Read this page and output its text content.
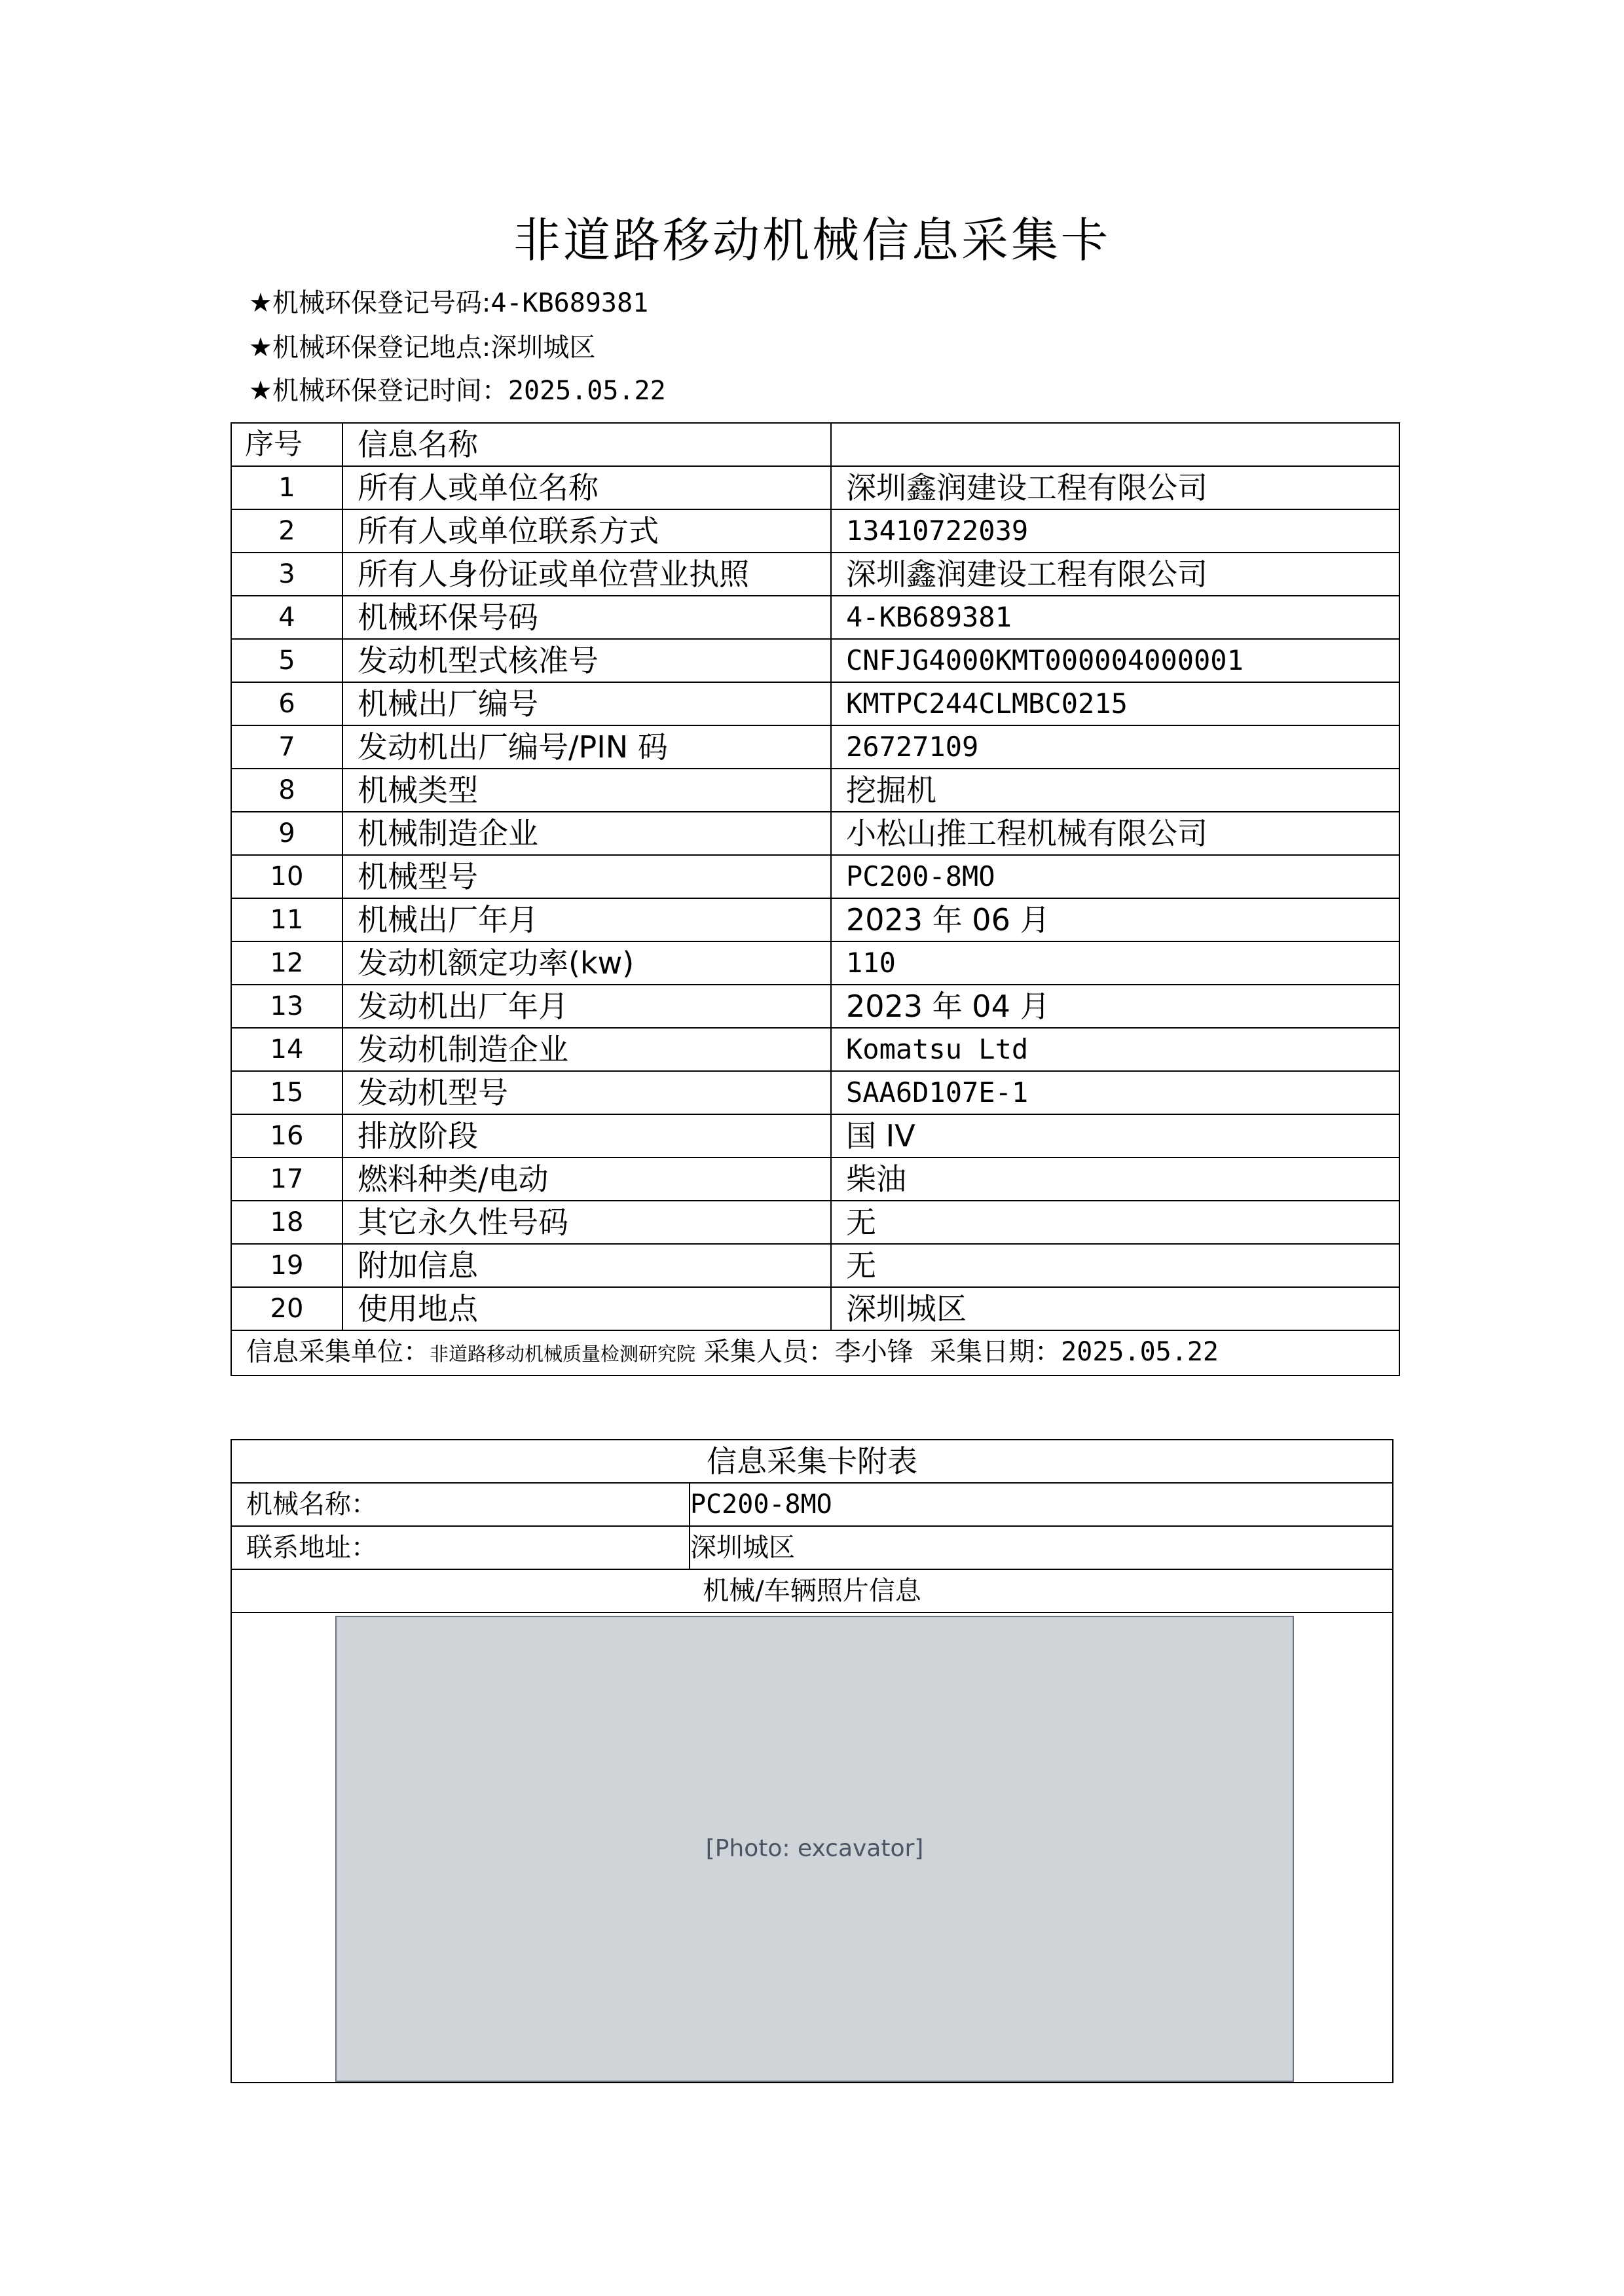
非道路移动机械信息采集卡
★机械环保登记号码:4-KB689381
★机械环保登记地点:深圳城区
★机械环保登记时间：2025.05.22
序号	信息名称	
1	所有人或单位名称	深圳鑫润建设工程有限公司
2	所有人或单位联系方式	13410722039
3	所有人身份证或单位营业执照	深圳鑫润建设工程有限公司
4	机械环保号码	4-KB689381
5	发动机型式核准号	CNFJG4000KMT000004000001
6	机械出厂编号	KMTPC244CLMBC0215
7	发动机出厂编号/PIN 码	26727109
8	机械类型	挖掘机
9	机械制造企业	小松山推工程机械有限公司
10	机械型号	PC200-8MO
11	机械出厂年月	2023 年 06 月
12	发动机额定功率(kw)	110
13	发动机出厂年月	2023 年 04 月
14	发动机制造企业	Komatsu Ltd
15	发动机型号	SAA6D107E-1
16	排放阶段	国 IV
17	燃料种类/电动	柴油
18	其它永久性号码	无
19	附加信息	无
20	使用地点	深圳城区
信息采集单位：非道路移动机械质量检测研究院 采集人员：李小锋 采集日期：2025.05.22		
信息采集卡附表	
机械名称：	PC200-8MO
联系地址：	深圳城区
机械/车辆照片信息	

[Photo: excavator]	
